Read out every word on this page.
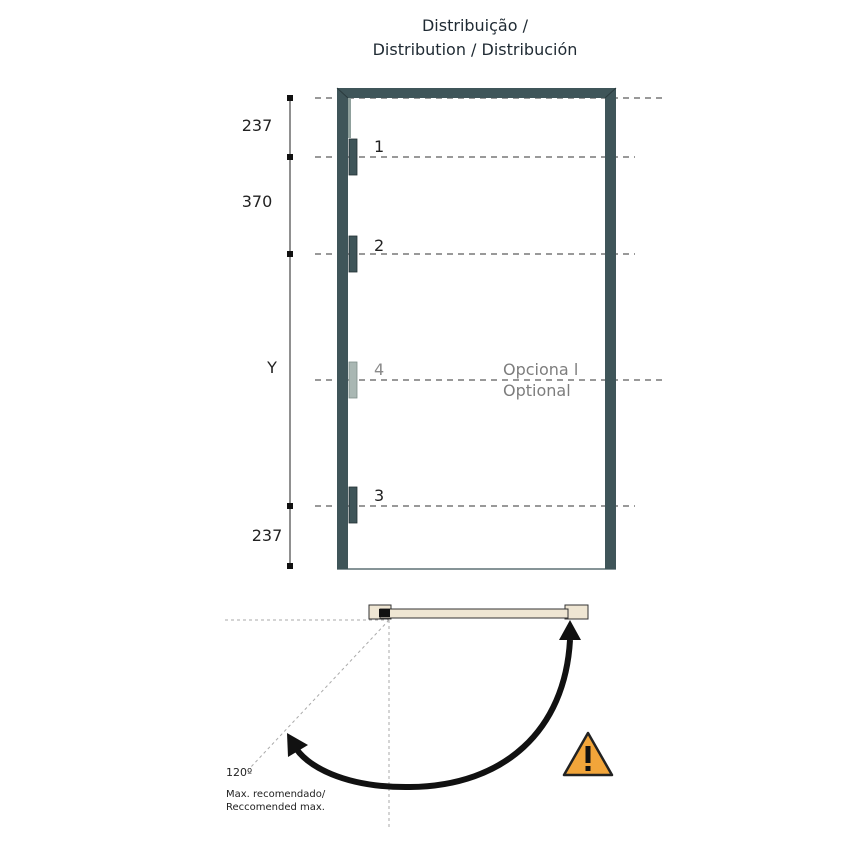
Distribuição /
Distribution / Distribución
237
370
Y
237
1
2
4
3
Opciona l
Optional
120º
Max. recomendado/
Reccomended max.
